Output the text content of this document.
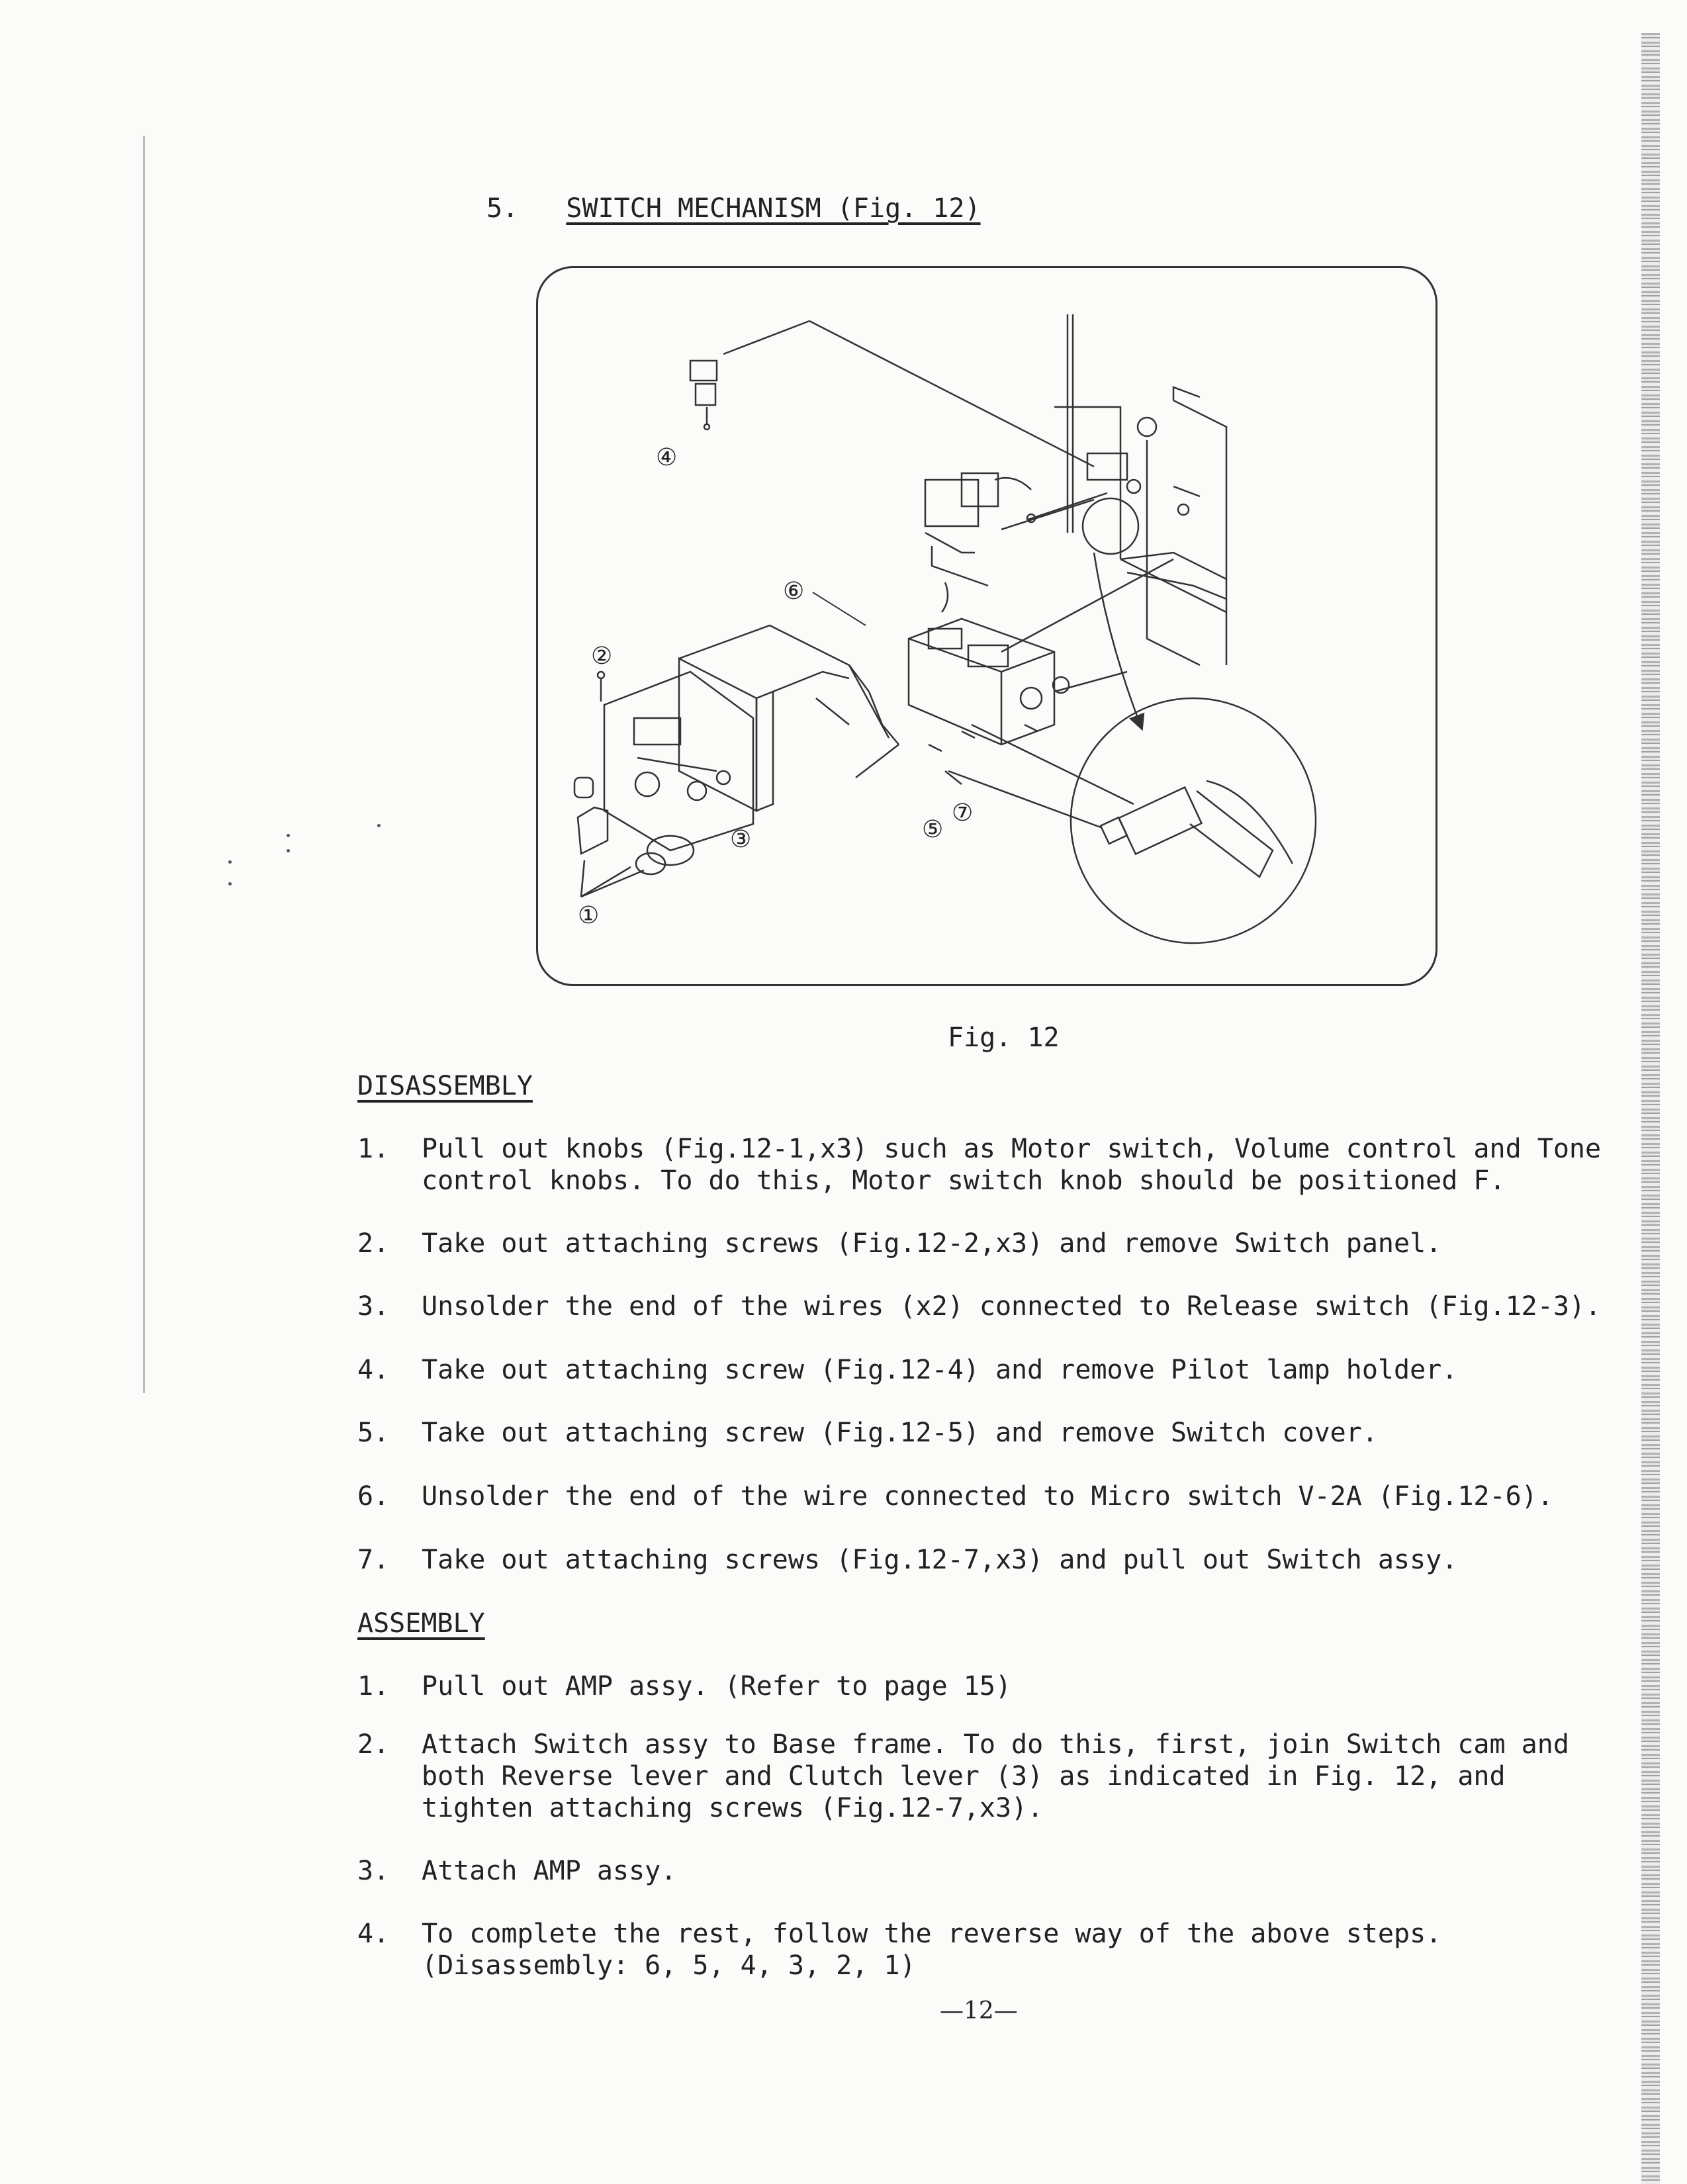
5. SWITCH MECHANISM (Fig. 12)
④
⑥
②
③
①
⑤
⑦
Fig. 12
DISASSEMBLY
1. Pull out knobs (Fig.12-1,x3) such as Motor switch, Volume control and Tone
control knobs. To do this, Motor switch knob should be positioned F.
2. Take out attaching screws (Fig.12-2,x3) and remove Switch panel.
3. Unsolder the end of the wires (x2) connected to Release switch (Fig.12-3).
4. Take out attaching screw (Fig.12-4) and remove Pilot lamp holder.
5. Take out attaching screw (Fig.12-5) and remove Switch cover.
6. Unsolder the end of the wire connected to Micro switch V-2A (Fig.12-6).
7. Take out attaching screws (Fig.12-7,x3) and pull out Switch assy.
ASSEMBLY
1. Pull out AMP assy. (Refer to page 15)
2. Attach Switch assy to Base frame. To do this, first, join Switch cam and
both Reverse lever and Clutch lever (3) as indicated in Fig. 12, and
tighten attaching screws (Fig.12-7,x3).
3. Attach AMP assy.
4. To complete the rest, follow the reverse way of the above steps.
(Disassembly: 6, 5, 4, 3, 2, 1)
—12—
